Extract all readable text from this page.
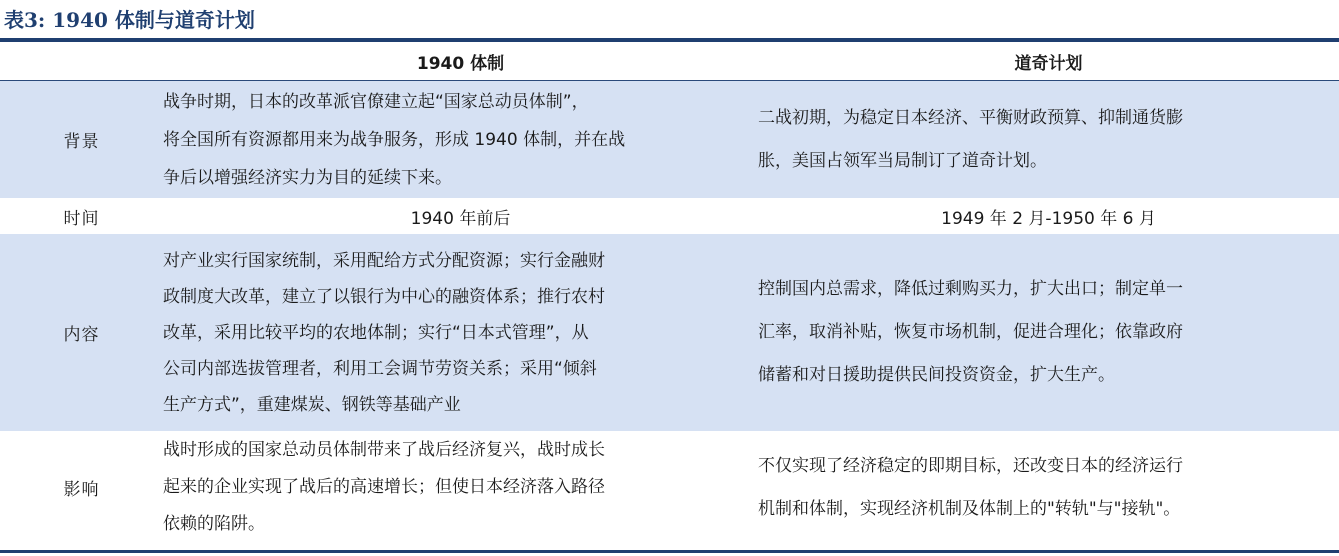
表3: 1940 体制与道奇计划
	1940 体制	道奇计划
背景	战争时期，日本的改革派官僚建立起“国家总动员体制”，
将全国所有资源都用来为战争服务，形成 1940 体制，并在战
争后以增强经济实力为目的延续下来。	二战初期，为稳定日本经济、平衡财政预算、抑制通货膨
胀，美国占领军当局制订了道奇计划。

时间	1940 年前后	1949 年 2 月-1950 年 6 月
内容	对产业实行国家统制，采用配给方式分配资源；实行金融财
政制度大改革，建立了以银行为中心的融资体系；推行农村
改革，采用比较平均的农地体制；实行“日本式管理”，从
公司内部选拔管理者，利用工会调节劳资关系；采用“倾斜
生产方式”，重建煤炭、钢铁等基础产业	控制国内总需求，降低过剩购买力，扩大出口；制定单一
汇率，取消补贴，恢复市场机制，促进合理化；依靠政府
储蓄和对日援助提供民间投资资金，扩大生产。

影响	战时形成的国家总动员体制带来了战后经济复兴，战时成长
起来的企业实现了战后的高速增长；但使日本经济落入路径
依赖的陷阱。	不仅实现了经济稳定的即期目标，还改变日本的经济运行
机制和体制，实现经济机制及体制上的"转轨"与"接轨"。
